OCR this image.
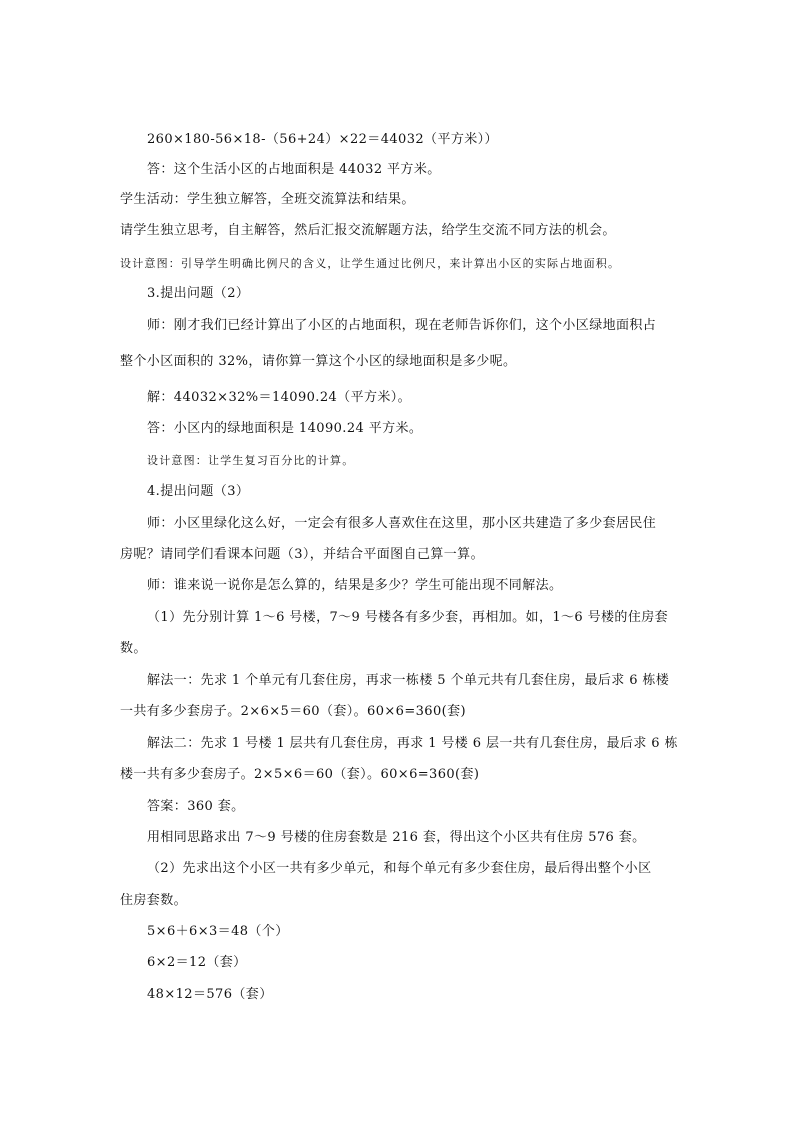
260×180-56×18-（56+24）×22＝44032（平方米））
答：这个生活小区的占地面积是 44032 平方米。
学生活动：学生独立解答，全班交流算法和结果。
请学生独立思考，自主解答，然后汇报交流解题方法，给学生交流不同方法的机会。
设计意图：引导学生明确比例尺的含义，让学生通过比例尺，来计算出小区的实际占地面积。
3.提出问题（2）
师：刚才我们已经计算出了小区的占地面积，现在老师告诉你们，这个小区绿地面积占
整个小区面积的 32%，请你算一算这个小区的绿地面积是多少呢。
解：44032×32%＝14090.24（平方米）。
答：小区内的绿地面积是 14090.24 平方米。
设计意图：让学生复习百分比的计算。
4.提出问题（3）
师：小区里绿化这么好，一定会有很多人喜欢住在这里，那小区共建造了多少套居民住
房呢？请同学们看课本问题（3），并结合平面图自己算一算。
师：谁来说一说你是怎么算的，结果是多少？学生可能出现不同解法。
（1）先分别计算 1～6 号楼，7～9 号楼各有多少套，再相加。如，1～6 号楼的住房套
数。
解法一：先求 1 个单元有几套住房，再求一栋楼 5 个单元共有几套住房，最后求 6 栋楼
一共有多少套房子。2×6×5＝60（套）。60×6=360(套)
解法二：先求 1 号楼 1 层共有几套住房，再求 1 号楼 6 层一共有几套住房，最后求 6 栋
楼一共有多少套房子。2×5×6＝60（套）。60×6=360(套)
答案：360 套。
用相同思路求出 7～9 号楼的住房套数是 216 套，得出这个小区共有住房 576 套。
（2）先求出这个小区一共有多少单元，和每个单元有多少套住房，最后得出整个小区
住房套数。
5×6＋6×3＝48（个）
6×2＝12（套）
48×12＝576（套）
